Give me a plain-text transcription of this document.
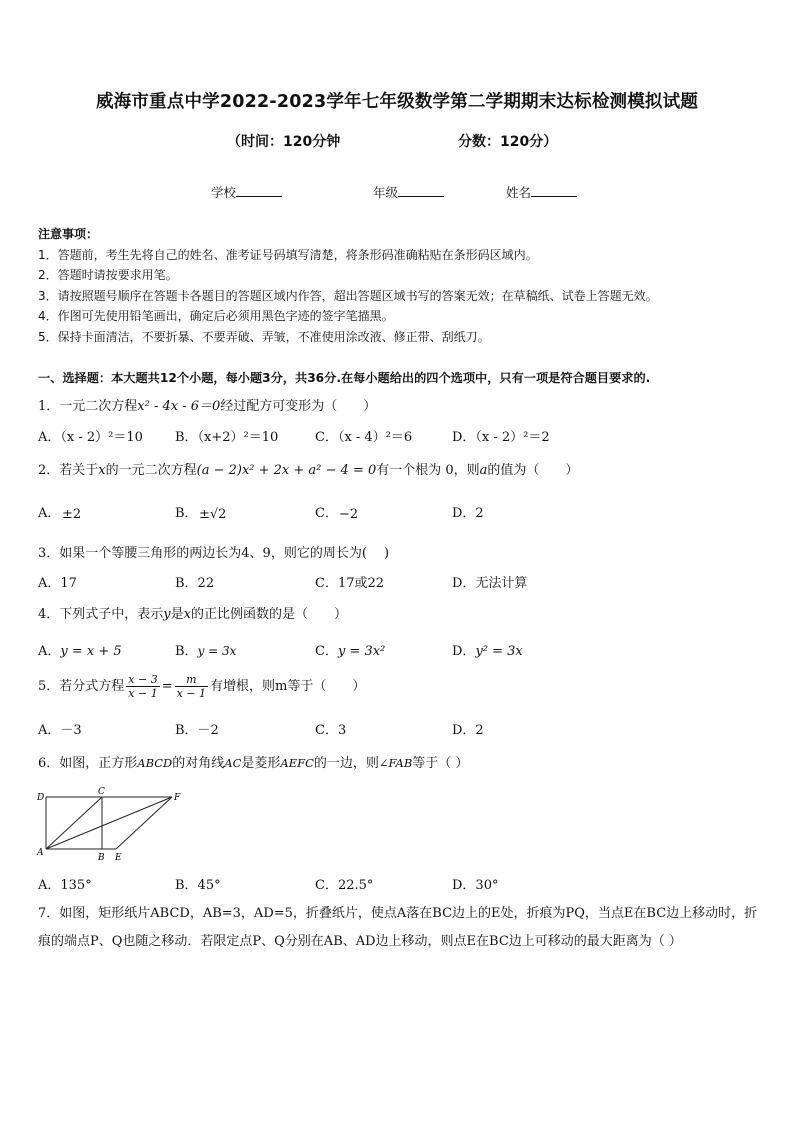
威海市重点中学2022-2023学年七年级数学第二学期期末达标检测模拟试题
（时间：120分钟	分数：120分）
学校	年级	姓名
注意事项：
1．答题前，考生先将自己的姓名、准考证号码填写清楚，将条形码准确粘贴在条形码区域内。
2．答题时请按要求用笔。
3．请按照题号顺序在答题卡各题目的答题区域内作答，超出答题区域书写的答案无效；在草稿纸、试卷上答题无效。
4．作图可先使用铅笔画出，确定后必须用黑色字迹的签字笔描黑。
5．保持卡面清洁，不要折暴、不要弄破、弄皱，不准使用涂改液、修正带、刮纸刀。
一、选择题：本大题共12个小题，每小题3分，共36分.在每小题给出的四个选项中，只有一项是符合题目要求的.
1．一元二次方程x² - 4x - 6＝0经过配方可变形为（　　）
A．（x - 2）²＝10 B．（x+2）²＝10	C．（x - 4）²＝6	D．（x - 2）²＝2
2．若关于x的一元二次方程(a − 2)x² + 2x + a² − 4 = 0有一个根为 0，则a的值为（　　）
A． ±2	B． ±√2	C． −2	D．2
3．如果一个等腰三角形的两边长为4、9，则它的周长为(　 )
A．17	B．22	C．17或22	D．无法计算
4．下列式子中，表示y是x的正比例函数的是（　　）
A．y = x + 5	B．y = 3x	C．y = 3x²	D．y² = 3x
5．若分式方程 $\frac{x - 3}{x - 1} = \frac{m}{x - 1}$ 有增根，则m等于（　　）
A．－3	B．－2	C．3	D．2
6．如图，正方形ABCD的对角线AC是菱形AEFC的一边，则∠FAB等于（ ）
D
C
F
A	B E
A．135°	B．45°	C．22.5°	D．30°
7．如图，矩形纸片ABCD，AB=3，AD=5，折叠纸片，使点A落在BC边上的E处，折痕为PQ，当点E在BC边上移动时，折痕的端点P、Q也随之移动．若限定点P、Q分别在AB、AD边上移动，则点E在BC边上可移动的最大距离为（ ）
